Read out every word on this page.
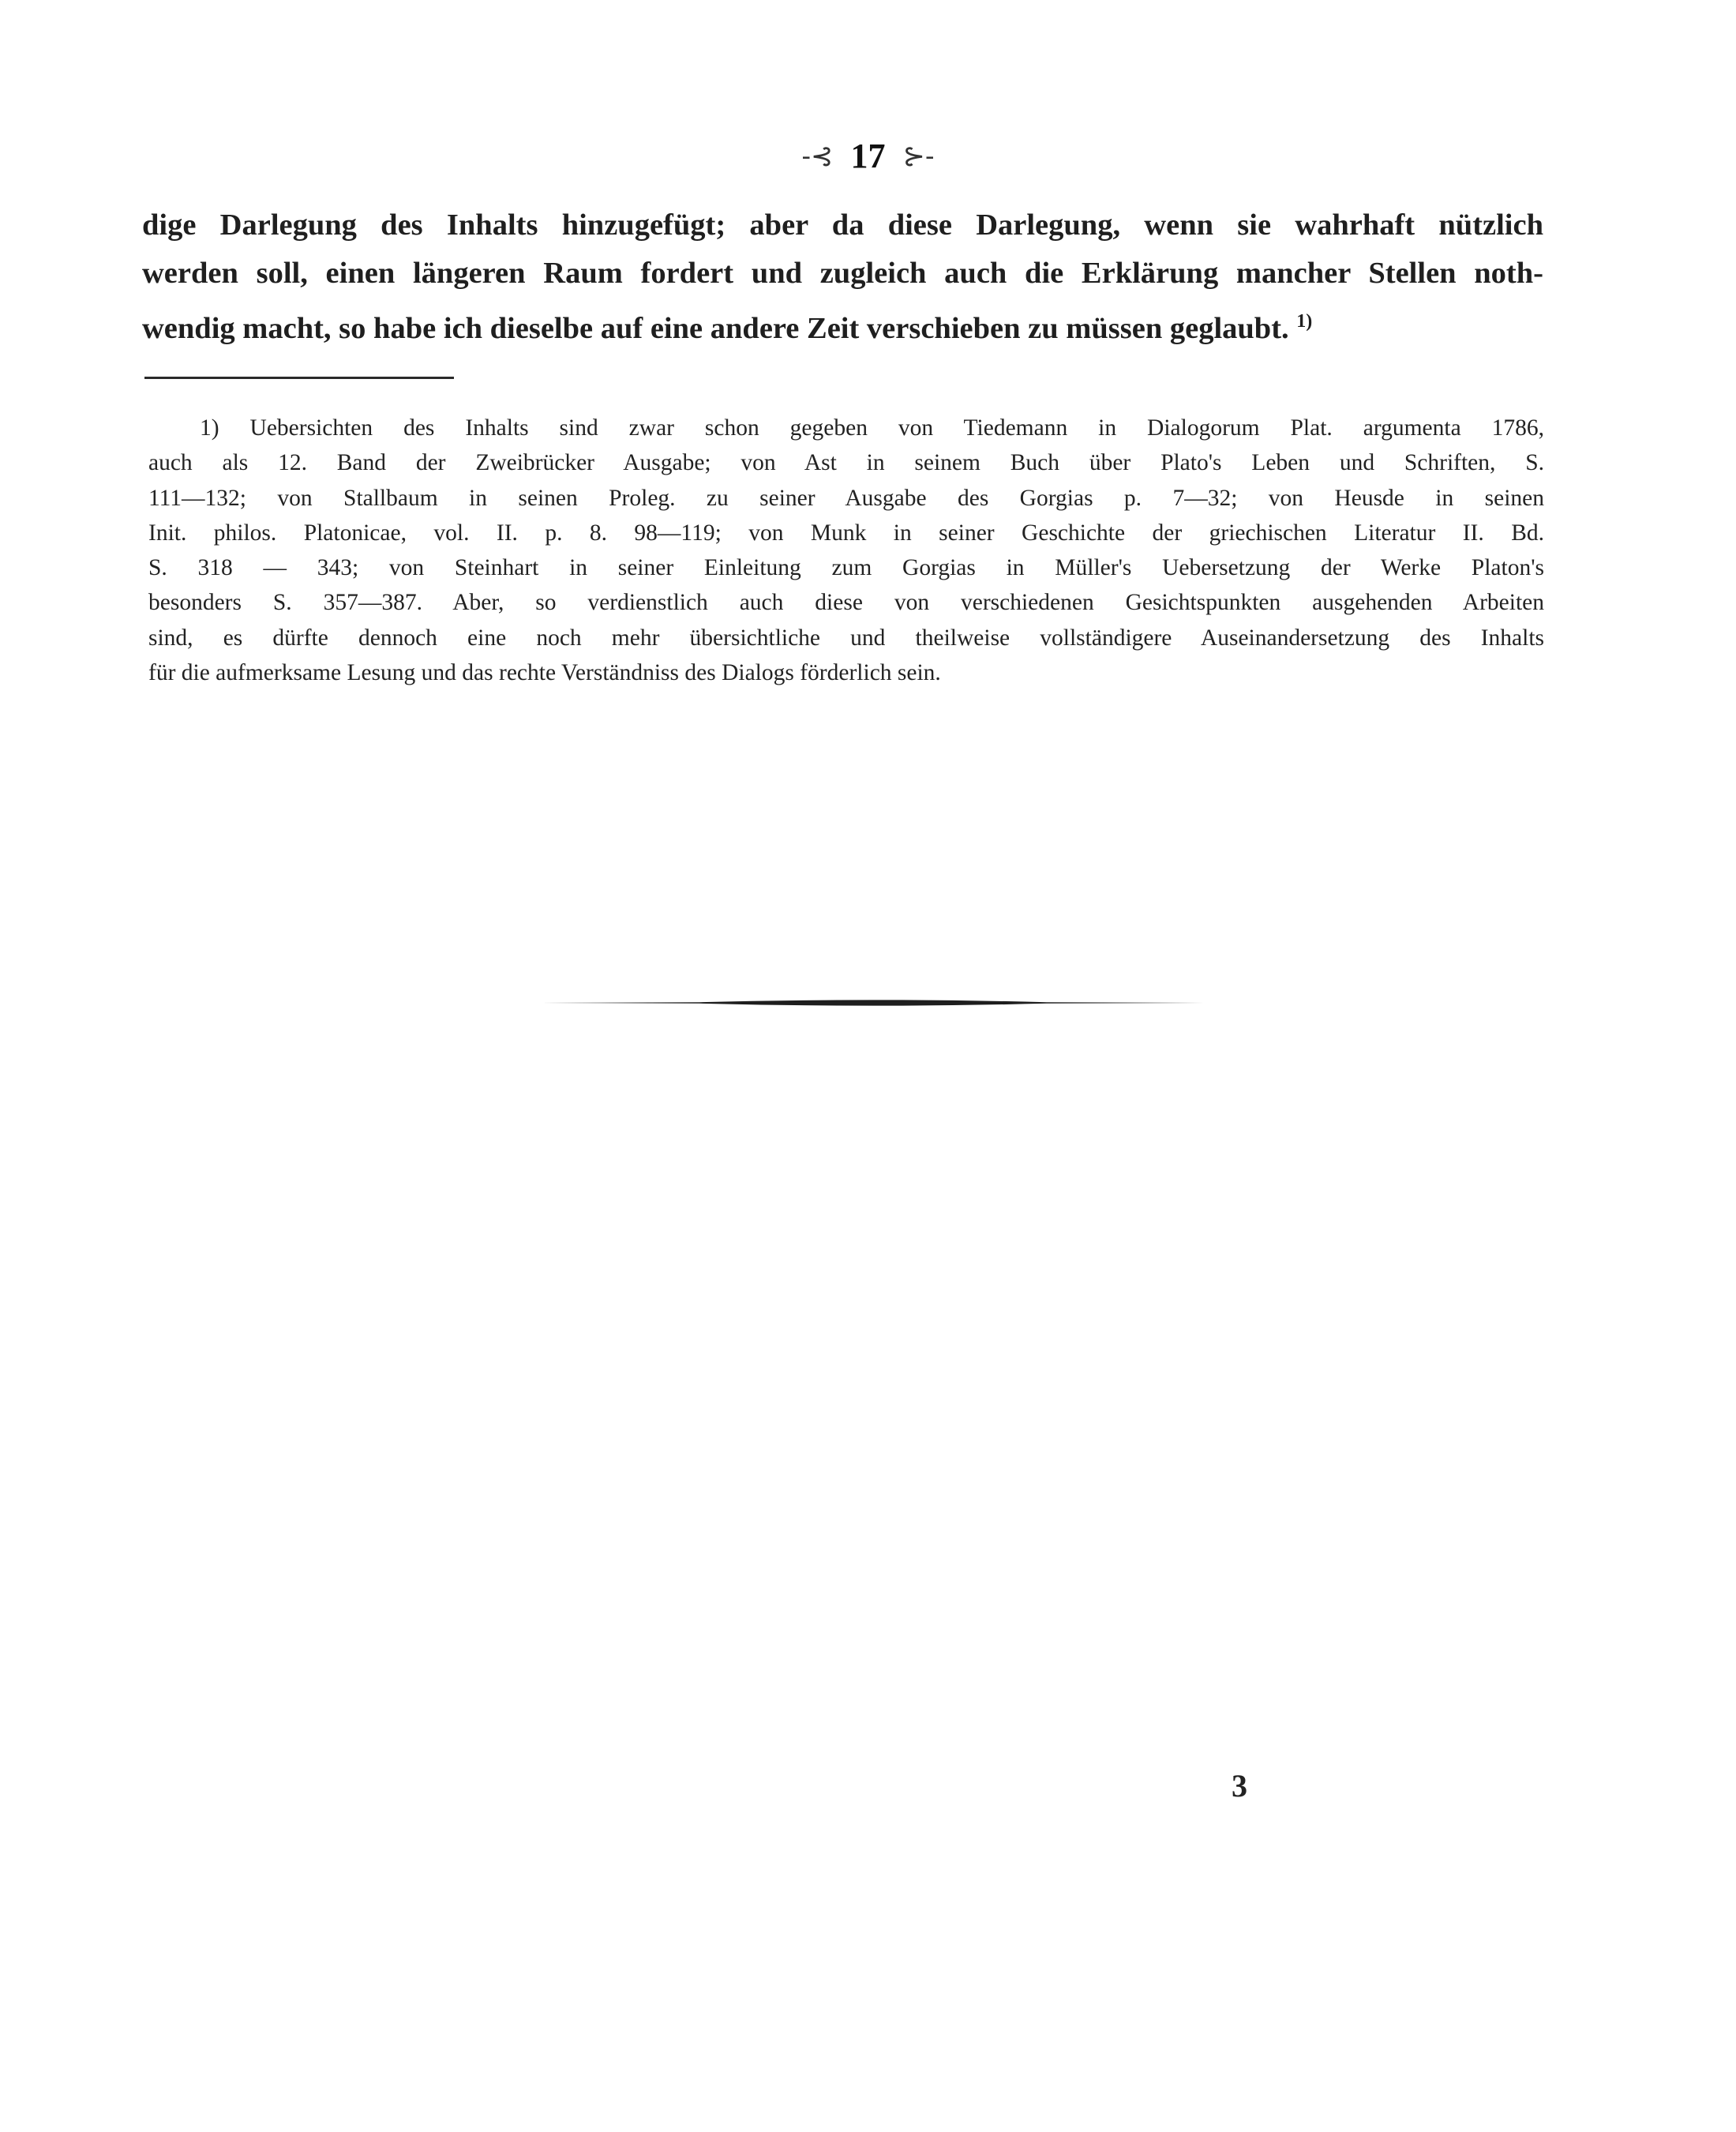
-⊰ 17 ⊱-
dige Darlegung des Inhalts hinzugefügt; aber da diese Darlegung, wenn sie wahrhaft nützlich
werden soll, einen längeren Raum fordert und zugleich auch die Erklärung mancher Stellen noth-
wendig macht, so habe ich dieselbe auf eine andere Zeit verschieben zu müssen geglaubt. $^{1)}$
1) Uebersichten des Inhalts sind zwar schon gegeben von Tiedemann in Dialogorum Plat. argumenta 1786,
auch als 12. Band der Zweibrücker Ausgabe; von Ast in seinem Buch über Plato's Leben und Schriften, S.
111—132; von Stallbaum in seinen Proleg. zu seiner Ausgabe des Gorgias p. 7—32; von Heusde in seinen
Init. philos. Platonicae, vol. II. p. 8. 98—119; von Munk in seiner Geschichte der griechischen Literatur II. Bd.
S. 318 — 343; von Steinhart in seiner Einleitung zum Gorgias in Müller's Uebersetzung der Werke Platon's
besonders S. 357—387. Aber, so verdienstlich auch diese von verschiedenen Gesichtspunkten ausgehenden Arbeiten
sind, es dürfte dennoch eine noch mehr übersichtliche und theilweise vollständigere Auseinandersetzung des Inhalts
für die aufmerksame Lesung und das rechte Verständniss des Dialogs förderlich sein.
3
